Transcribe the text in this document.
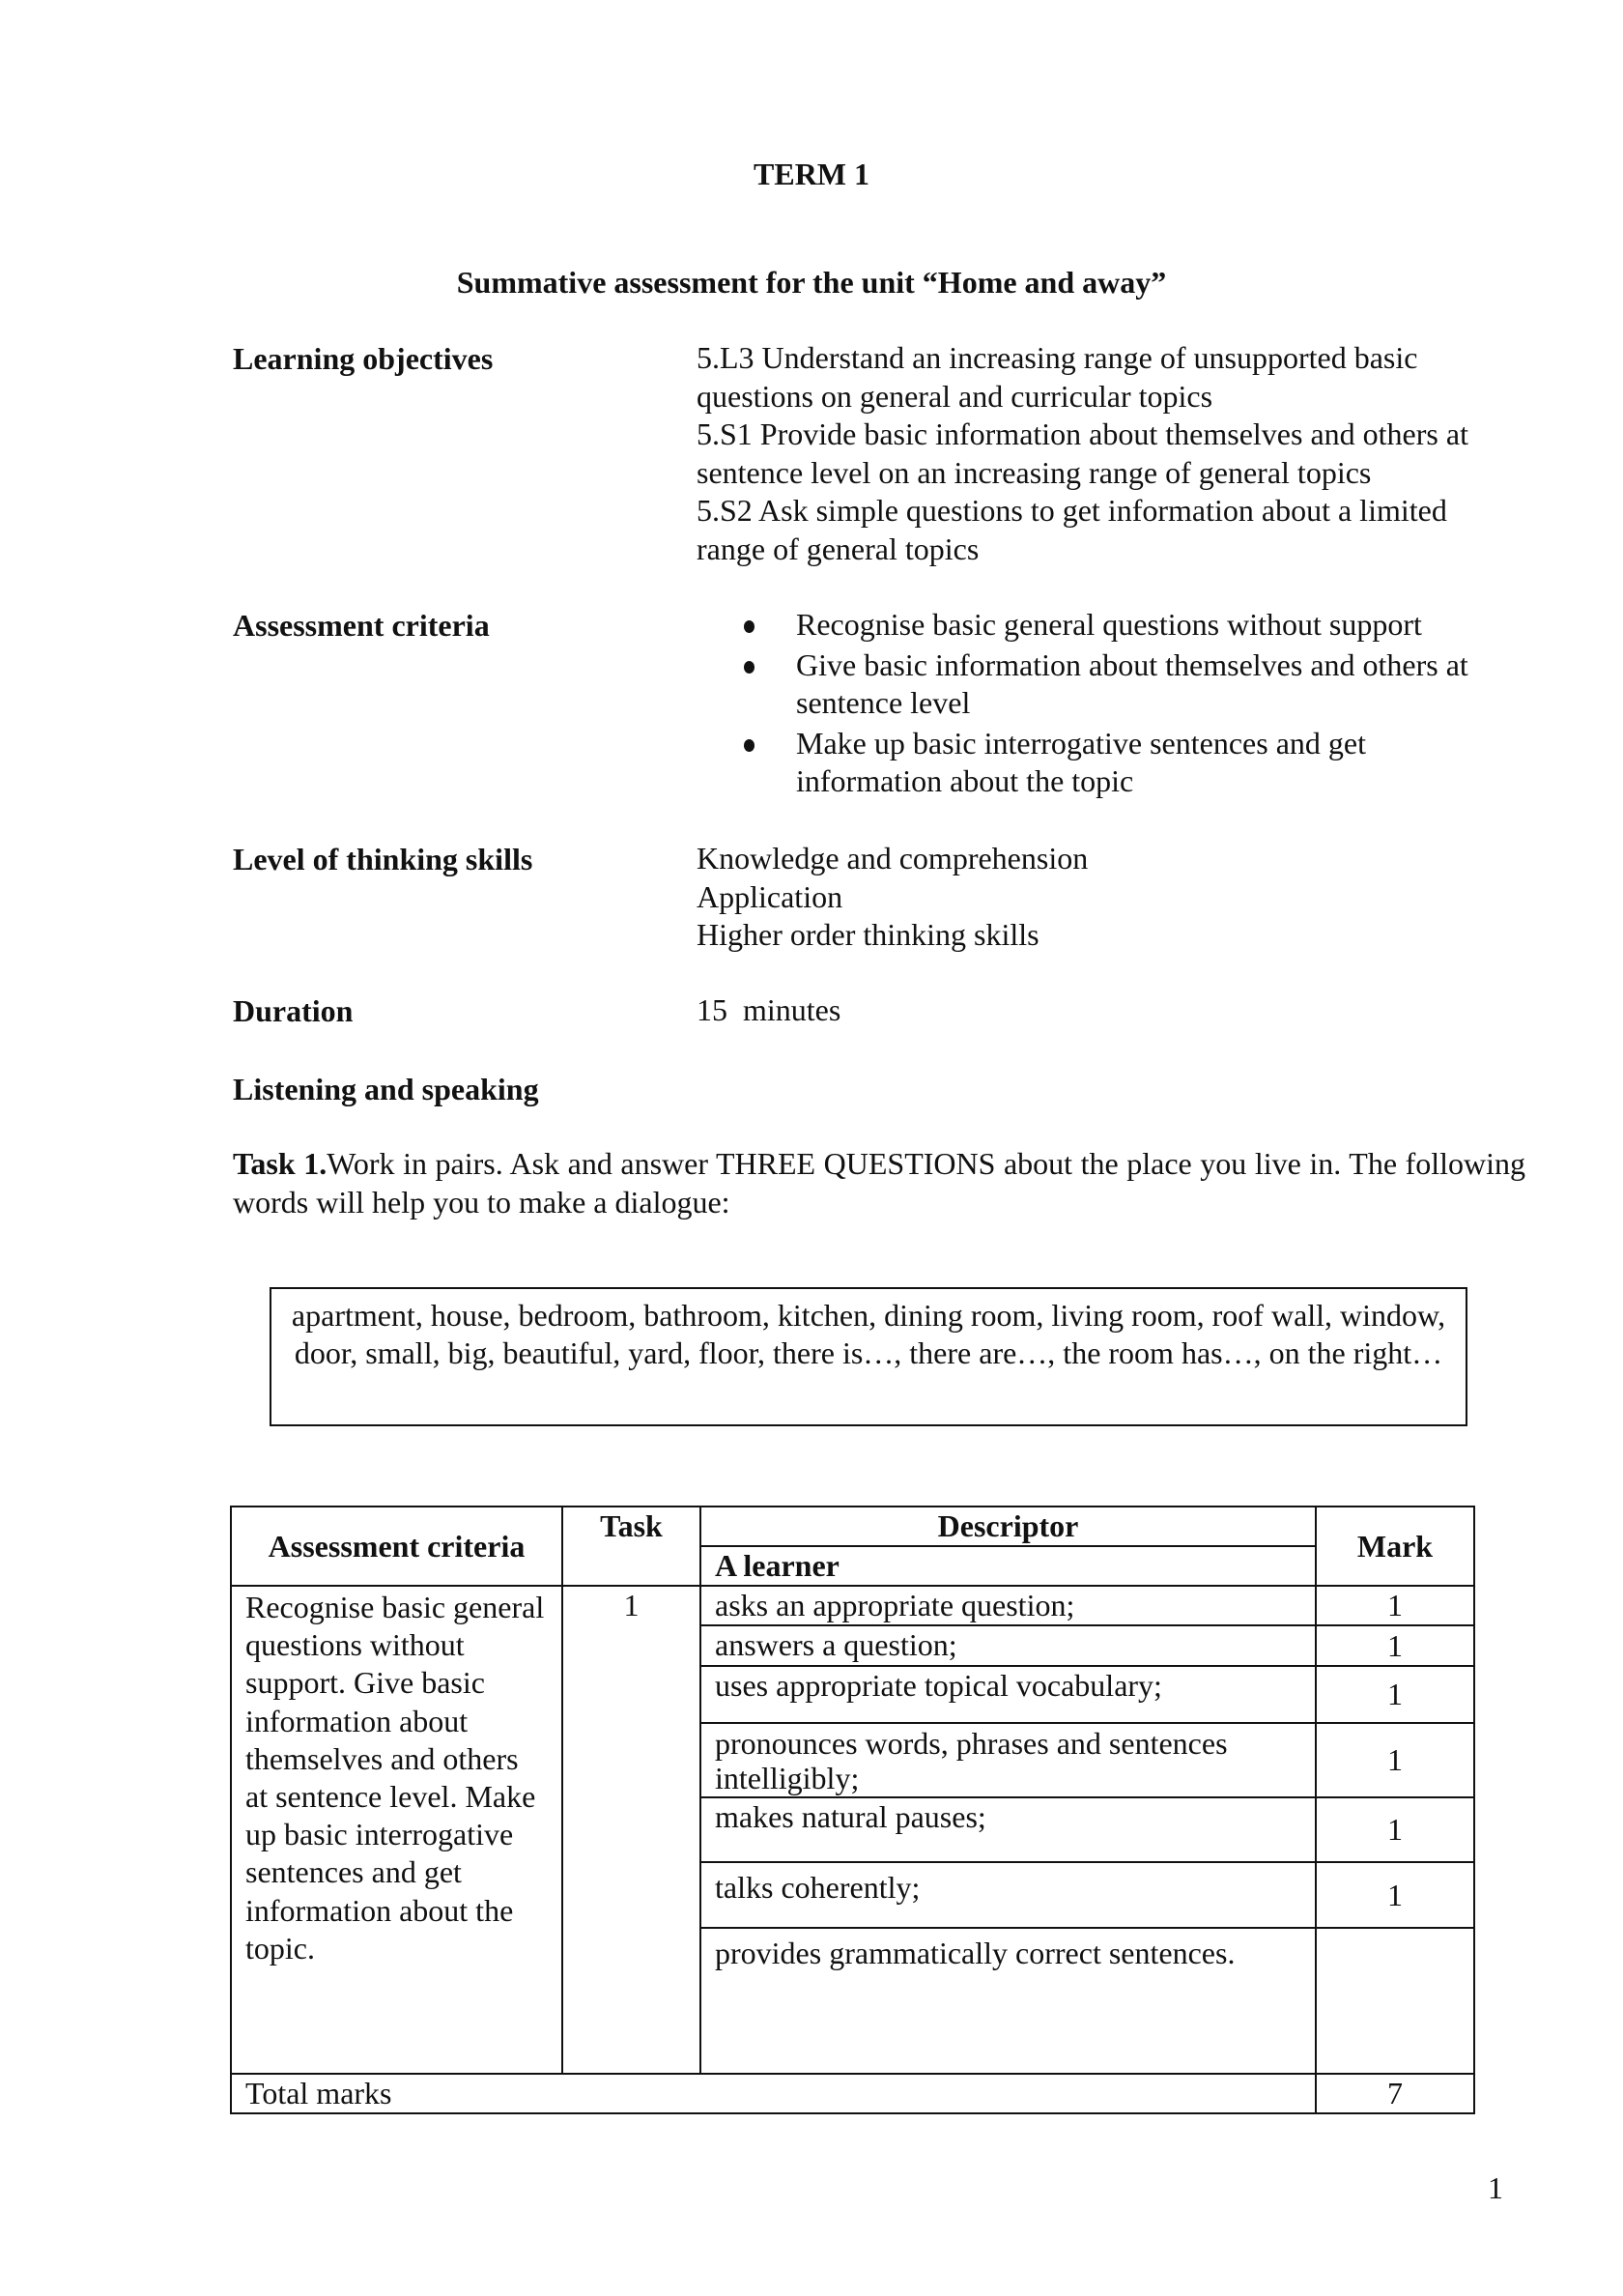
TERM 1
Summative assessment for the unit “Home and away”
Learning objectives	5.L3 Understand an increasing range of unsupported basic
questions on general and curricular topics
5.S1 Provide basic information about themselves and others at
sentence level on an increasing range of general topics
5.S2 Ask simple questions to get information about a limited
range of general topics
Assessment criteria	Recognise basic general questions without support
Give basic information about themselves and others at sentence level
Make up basic interrogative sentences and get information about the topic
Level of thinking skills	Knowledge and comprehension
Application
Higher order thinking skills
Duration	15  minutes
Listening and speaking
Task 1.Work in pairs. Ask and answer THREE QUESTIONS about the place you live in. The following words will help you to make a dialogue:
apartment, house, bedroom, bathroom, kitchen, dining room, living room, roof wall, window, door, small, big, beautiful, yard, floor, there is…, there are…, the room has…, on the right…
Assessment criteria	Task	Descriptor	Mark
		A learner	
Recognise basic general questions without support. Give basic information about themselves and others at sentence level. Make up basic interrogative sentences and get information about the topic.	1	asks an appropriate question;	1
		answers a question;	1
		uses appropriate topical vocabulary;	1
		pronounces words, phrases and sentences intelligibly;	1
		makes natural pauses;	1
		talks coherently;	1
		provides grammatically correct sentences.	
Total marks			7
1
